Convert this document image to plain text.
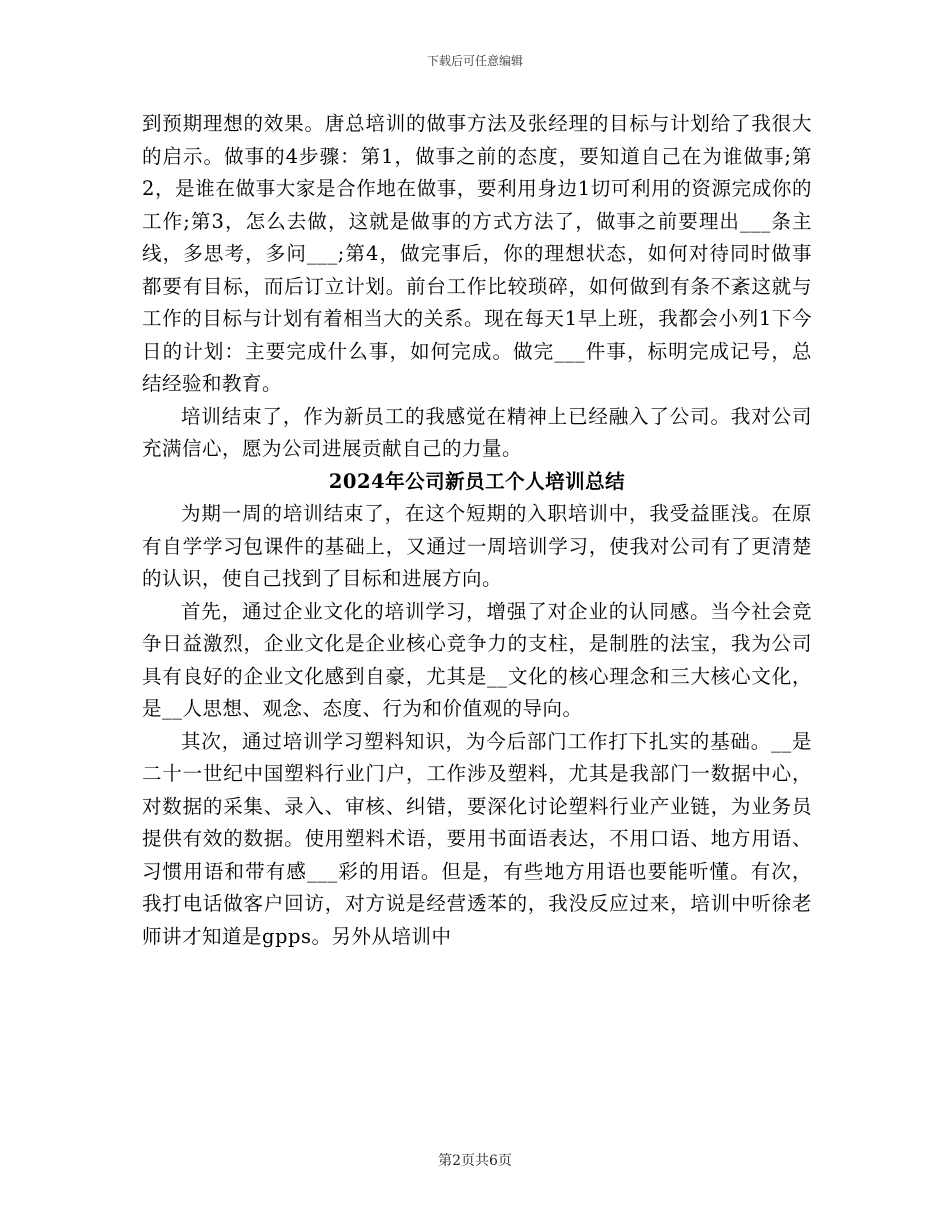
下载后可任意编辑

到预期理想的效果。唐总培训的做事方法及张经理的目标与计划给了我很大的启示。做事的4步骤：第1，做事之前的态度，要知道自己在为谁做事;第2，是谁在做事大家是合作地在做事，要利用身边1切可利用的资源完成你的工作;第3，怎么去做，这就是做事的方式方法了，做事之前要理出___条主线，多思考，多问___;第4，做完事后，你的理想状态，如何对待同时做事都要有目标，而后订立计划。前台工作比较琐碎，如何做到有条不紊这就与工作的目标与计划有着相当大的关系。现在每天1早上班，我都会小列1下今日的计划：主要完成什么事，如何完成。做完___件事，标明完成记号，总结经验和教育。

培训结束了，作为新员工的我感觉在精神上已经融入了公司。我对公司充满信心，愿为公司进展贡献自己的力量。

2024年公司新员工个人培训总结

为期一周的培训结束了，在这个短期的入职培训中，我受益匪浅。在原有自学学习包课件的基础上，又通过一周培训学习，使我对公司有了更清楚的认识，使自己找到了目标和进展方向。

首先，通过企业文化的培训学习，增强了对企业的认同感。当今社会竞争日益激烈，企业文化是企业核心竞争力的支柱，是制胜的法宝，我为公司具有良好的企业文化感到自豪，尤其是__文化的核心理念和三大核心文化，是__人思想、观念、态度、行为和价值观的导向。

其次，通过培训学习塑料知识，为今后部门工作打下扎实的基础。__是二十一世纪中国塑料行业门户，工作涉及塑料，尤其是我部门一数据中心，对数据的采集、录入、审核、纠错，要深化讨论塑料行业产业链，为业务员提供有效的数据。使用塑料术语，要用书面语表达，不用口语、地方用语、习惯用语和带有感___彩的用语。但是，有些地方用语也要能听懂。有次，我打电话做客户回访，对方说是经营透苯的，我没反应过来，培训中听徐老师讲才知道是gpps。另外从培训中

第2页共6页
